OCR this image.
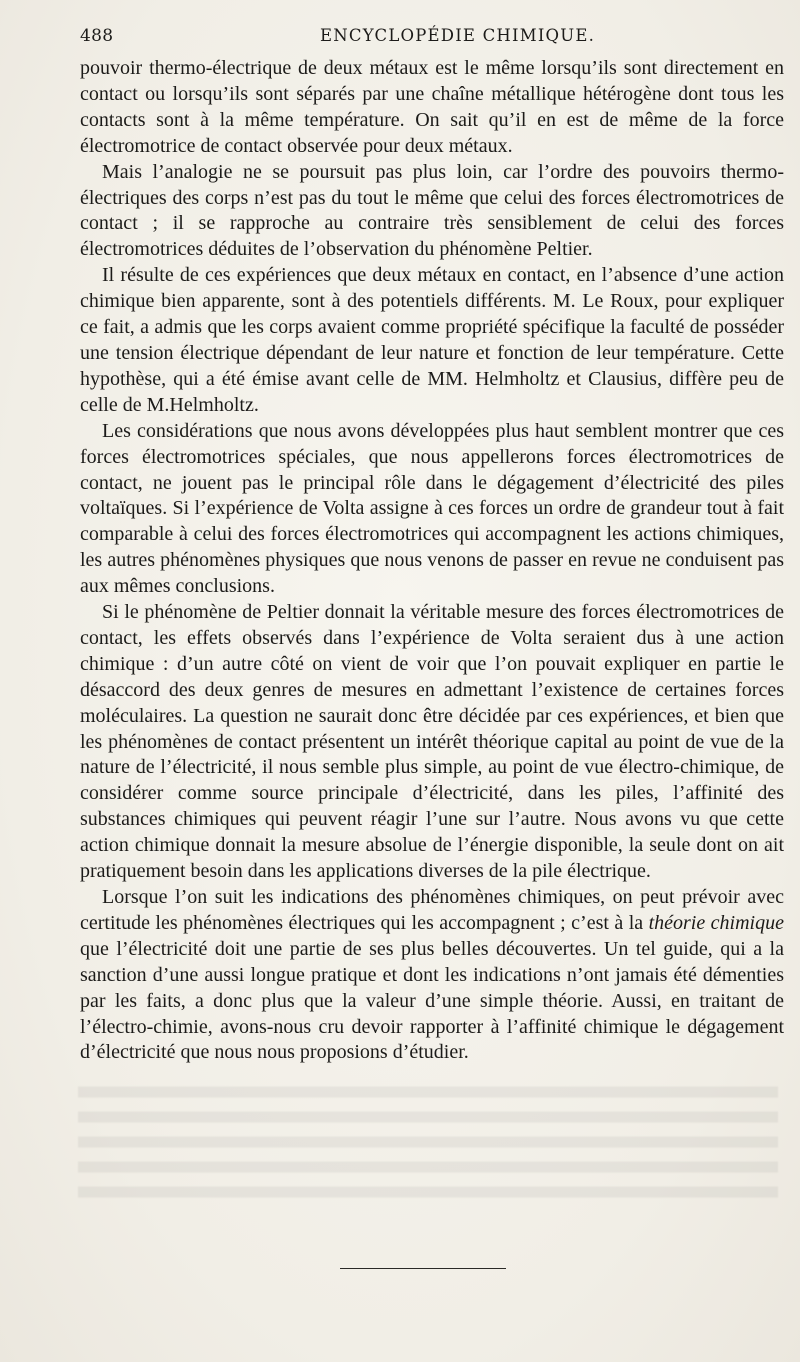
488	ENCYCLOPÉDIE CHIMIQUE.

pouvoir thermo-électrique de deux métaux est le même lorsqu’ils sont directement en contact ou lorsqu’ils sont séparés par une chaîne métallique hétérogène dont tous les contacts sont à la même température. On sait qu’il en est de même de la force électromotrice de contact observée pour deux métaux.

Mais l’analogie ne se poursuit pas plus loin, car l’ordre des pouvoirs thermoélectriques des corps n’est pas du tout le même que celui des forces électromotrices de contact ; il se rapproche au contraire très sensiblement de celui des forces électromotrices déduites de l’observation du phénomène Peltier.

Il résulte de ces expériences que deux métaux en contact, en l’absence d’une action chimique bien apparente, sont à des potentiels différents. M. Le Roux, pour expliquer ce fait, a admis que les corps avaient comme propriété spécifique la faculté de posséder une tension électrique dépendant de leur nature et fonction de leur température. Cette hypothèse, qui a été émise avant celle de MM. Helmholtz et Clausius, diffère peu de celle de M.Helmholtz.

Les considérations que nous avons développées plus haut semblent montrer que ces forces électromotrices spéciales, que nous appellerons forces électromotrices de contact, ne jouent pas le principal rôle dans le dégagement d’électricité des piles voltaïques. Si l’expérience de Volta assigne à ces forces un ordre de grandeur tout à fait comparable à celui des forces électromotrices qui accompagnent les actions chimiques, les autres phénomènes physiques que nous venons de passer en revue ne conduisent pas aux mêmes conclusions.

Si le phénomène de Peltier donnait la véritable mesure des forces électromotrices de contact, les effets observés dans l’expérience de Volta seraient dus à une action chimique : d’un autre côté on vient de voir que l’on pouvait expliquer en partie le désaccord des deux genres de mesures en admettant l’existence de certaines forces moléculaires. La question ne saurait donc être décidée par ces expériences, et bien que les phénomènes de contact présentent un intérêt théorique capital au point de vue de la nature de l’électricité, il nous semble plus simple, au point de vue électro-chimique, de considérer comme source principale d’électricité, dans les piles, l’affinité des substances chimiques qui peuvent réagir l’une sur l’autre. Nous avons vu que cette action chimique donnait la mesure absolue de l’énergie disponible, la seule dont on ait pratiquement besoin dans les applications diverses de la pile électrique.

Lorsque l’on suit les indications des phénomènes chimiques, on peut prévoir avec certitude les phénomènes électriques qui les accompagnent ; c’est à la théorie chimique que l’électricité doit une partie de ses plus belles découvertes. Un tel guide, qui a la sanction d’une aussi longue pratique et dont les indications n’ont jamais été démenties par les faits, a donc plus que la valeur d’une simple théorie. Aussi, en traitant de l’électro-chimie, avons-nous cru devoir rapporter à l’affinité chimique le dégagement d’électricité que nous nous proposions d’étudier.
